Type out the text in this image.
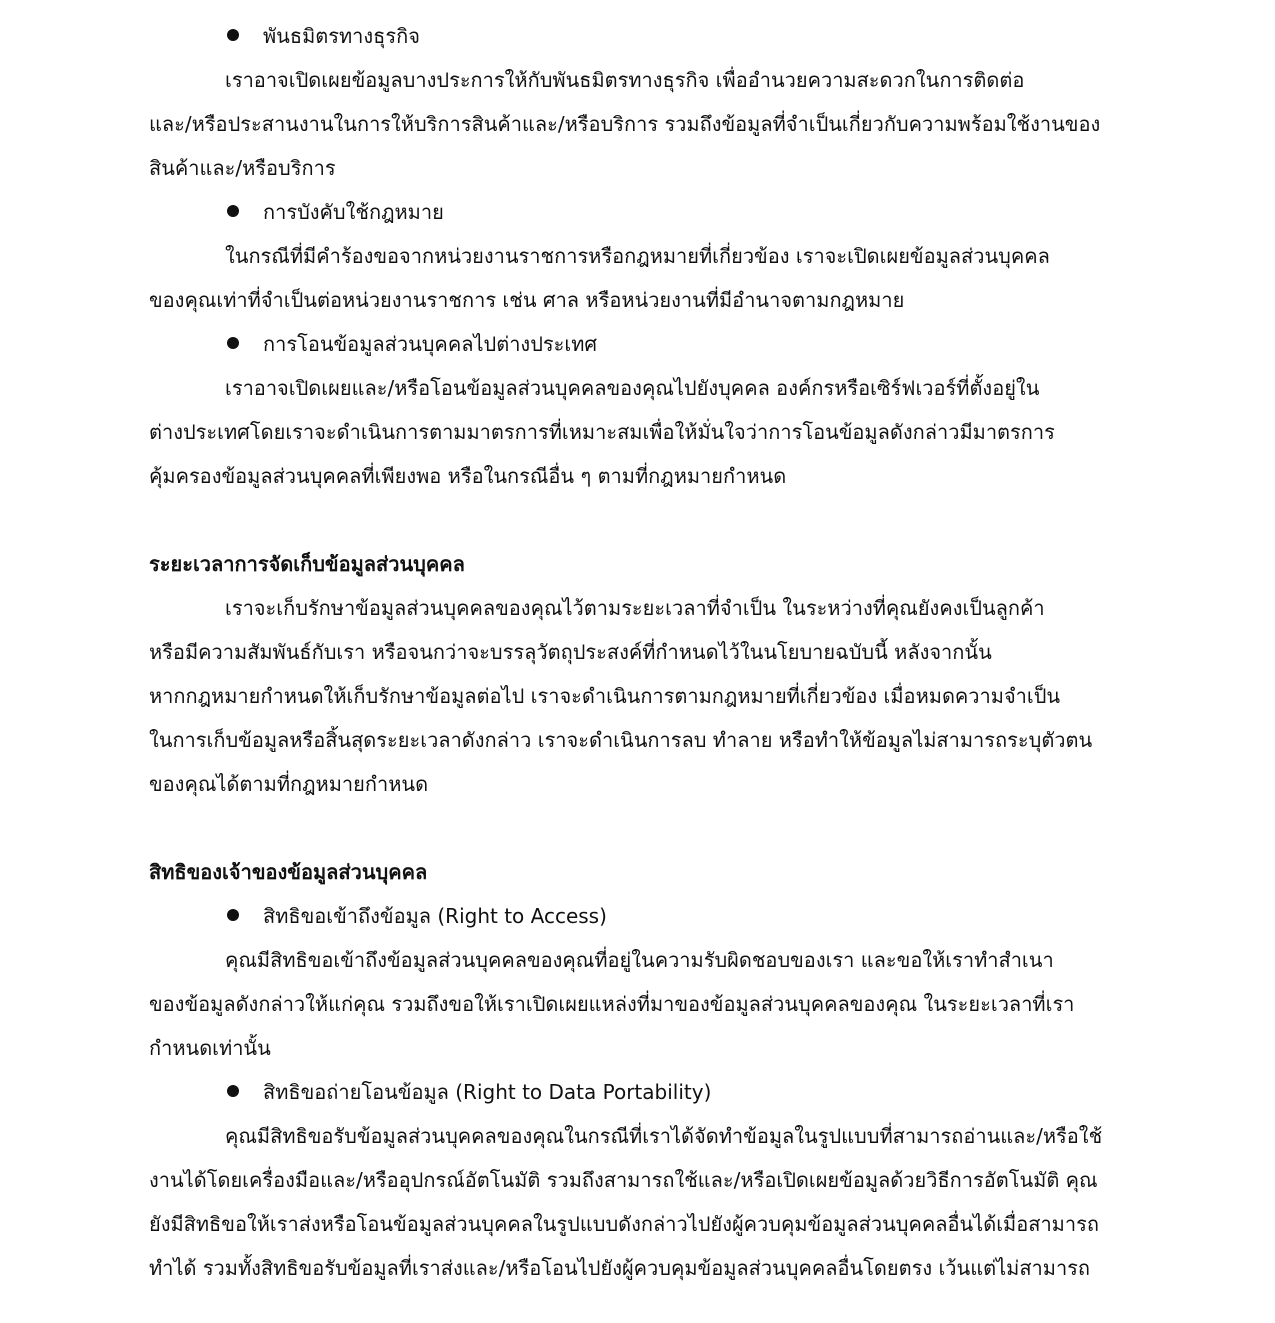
พันธมิตรทางธุรกิจ
เราอาจเปิดเผยข้อมูลบางประการให้กับพันธมิตรทางธุรกิจ เพื่ออำนวยความสะดวกในการติดต่อ
และ/หรือประสานงานในการให้บริการสินค้าและ/หรือบริการ รวมถึงข้อมูลที่จำเป็นเกี่ยวกับความพร้อมใช้งานของ
สินค้าและ/หรือบริการ
การบังคับใช้กฎหมาย
ในกรณีที่มีคำร้องขอจากหน่วยงานราชการหรือกฎหมายที่เกี่ยวข้อง เราจะเปิดเผยข้อมูลส่วนบุคคล
ของคุณเท่าที่จำเป็นต่อหน่วยงานราชการ เช่น ศาล หรือหน่วยงานที่มีอำนาจตามกฎหมาย
การโอนข้อมูลส่วนบุคคลไปต่างประเทศ
เราอาจเปิดเผยและ/หรือโอนข้อมูลส่วนบุคคลของคุณไปยังบุคคล องค์กรหรือเซิร์ฟเวอร์ที่ตั้งอยู่ใน
ต่างประเทศโดยเราจะดำเนินการตามมาตรการที่เหมาะสมเพื่อให้มั่นใจว่าการโอนข้อมูลดังกล่าวมีมาตรการ
คุ้มครองข้อมูลส่วนบุคคลที่เพียงพอ หรือในกรณีอื่น ๆ ตามที่กฎหมายกำหนด
ระยะเวลาการจัดเก็บข้อมูลส่วนบุคคล
เราจะเก็บรักษาข้อมูลส่วนบุคคลของคุณไว้ตามระยะเวลาที่จำเป็น ในระหว่างที่คุณยังคงเป็นลูกค้า
หรือมีความสัมพันธ์กับเรา หรือจนกว่าจะบรรลุวัตถุประสงค์ที่กำหนดไว้ในนโยบายฉบับนี้ หลังจากนั้น
หากกฎหมายกำหนดให้เก็บรักษาข้อมูลต่อไป เราจะดำเนินการตามกฎหมายที่เกี่ยวข้อง เมื่อหมดความจำเป็น
ในการเก็บข้อมูลหรือสิ้นสุดระยะเวลาดังกล่าว เราจะดำเนินการลบ ทำลาย หรือทำให้ข้อมูลไม่สามารถระบุตัวตน
ของคุณได้ตามที่กฎหมายกำหนด
สิทธิของเจ้าของข้อมูลส่วนบุคคล
สิทธิขอเข้าถึงข้อมูล (Right to Access)
คุณมีสิทธิขอเข้าถึงข้อมูลส่วนบุคคลของคุณที่อยู่ในความรับผิดชอบของเรา และขอให้เราทำสำเนา
ของข้อมูลดังกล่าวให้แก่คุณ รวมถึงขอให้เราเปิดเผยแหล่งที่มาของข้อมูลส่วนบุคคลของคุณ ในระยะเวลาที่เรา
กำหนดเท่านั้น
สิทธิขอถ่ายโอนข้อมูล (Right to Data Portability)
คุณมีสิทธิขอรับข้อมูลส่วนบุคคลของคุณในกรณีที่เราได้จัดทำข้อมูลในรูปแบบที่สามารถอ่านและ/หรือใช้
งานได้โดยเครื่องมือและ/หรืออุปกรณ์อัตโนมัติ รวมถึงสามารถใช้และ/หรือเปิดเผยข้อมูลด้วยวิธีการอัตโนมัติ คุณ
ยังมีสิทธิขอให้เราส่งหรือโอนข้อมูลส่วนบุคคลในรูปแบบดังกล่าวไปยังผู้ควบคุมข้อมูลส่วนบุคคลอื่นได้เมื่อสามารถ
ทำได้ รวมทั้งสิทธิขอรับข้อมูลที่เราส่งและ/หรือโอนไปยังผู้ควบคุมข้อมูลส่วนบุคคลอื่นโดยตรง เว้นแต่ไม่สามารถ
